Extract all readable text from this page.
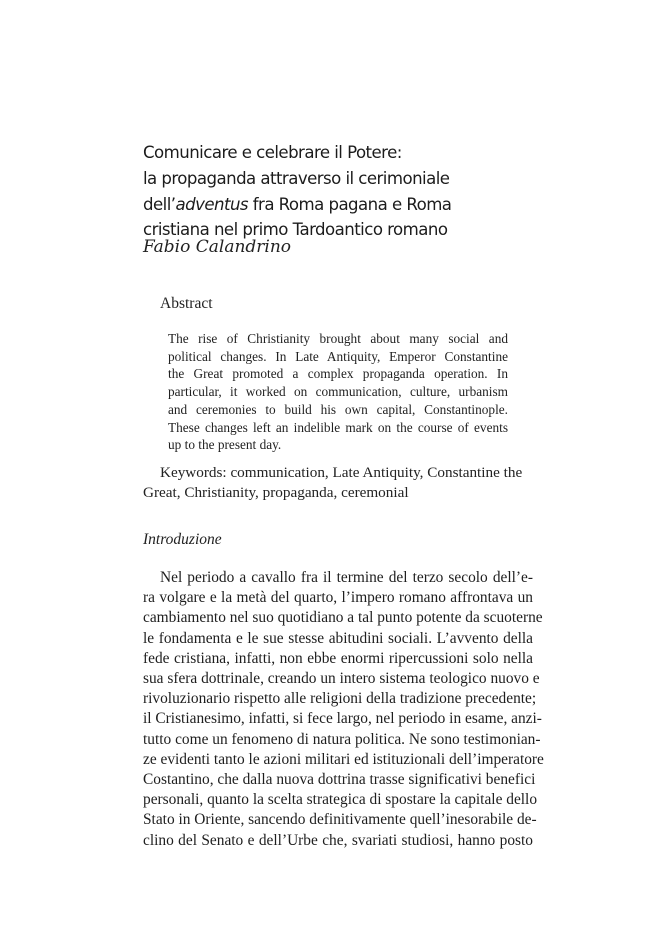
Comunicare e celebrare il Potere:
la propaganda attraverso il cerimoniale
dell’adventus fra Roma pagana e Roma
cristiana nel primo Tardoantico romano
Fabio Calandrino
Abstract
The rise of Christianity brought about many social and
political changes. In Late Antiquity, Emperor Constantine
the Great promoted a complex propaganda operation. In
particular, it worked on communication, culture, urbanism
and ceremonies to build his own capital, Constantinople.
These changes left an indelible mark on the course of events
up to the present day.
Keywords: communication, Late Antiquity, Constantine the
Great, Christianity, propaganda, ceremonial
Introduzione
Nel periodo a cavallo fra il termine del terzo secolo dell’e-
ra volgare e la metà del quarto, l’impero romano affrontava un
cambiamento nel suo quotidiano a tal punto potente da scuoterne
le fondamenta e le sue stesse abitudini sociali. L’avvento della
fede cristiana, infatti, non ebbe enormi ripercussioni solo nella
sua sfera dottrinale, creando un intero sistema teologico nuovo e
rivoluzionario rispetto alle religioni della tradizione precedente;
il Cristianesimo, infatti, si fece largo, nel periodo in esame, anzi-
tutto come un fenomeno di natura politica. Ne sono testimonian-
ze evidenti tanto le azioni militari ed istituzionali dell’imperatore
Costantino, che dalla nuova dottrina trasse significativi benefici
personali, quanto la scelta strategica di spostare la capitale dello
Stato in Oriente, sancendo definitivamente quell’inesorabile de-
clino del Senato e dell’Urbe che, svariati studiosi, hanno posto
